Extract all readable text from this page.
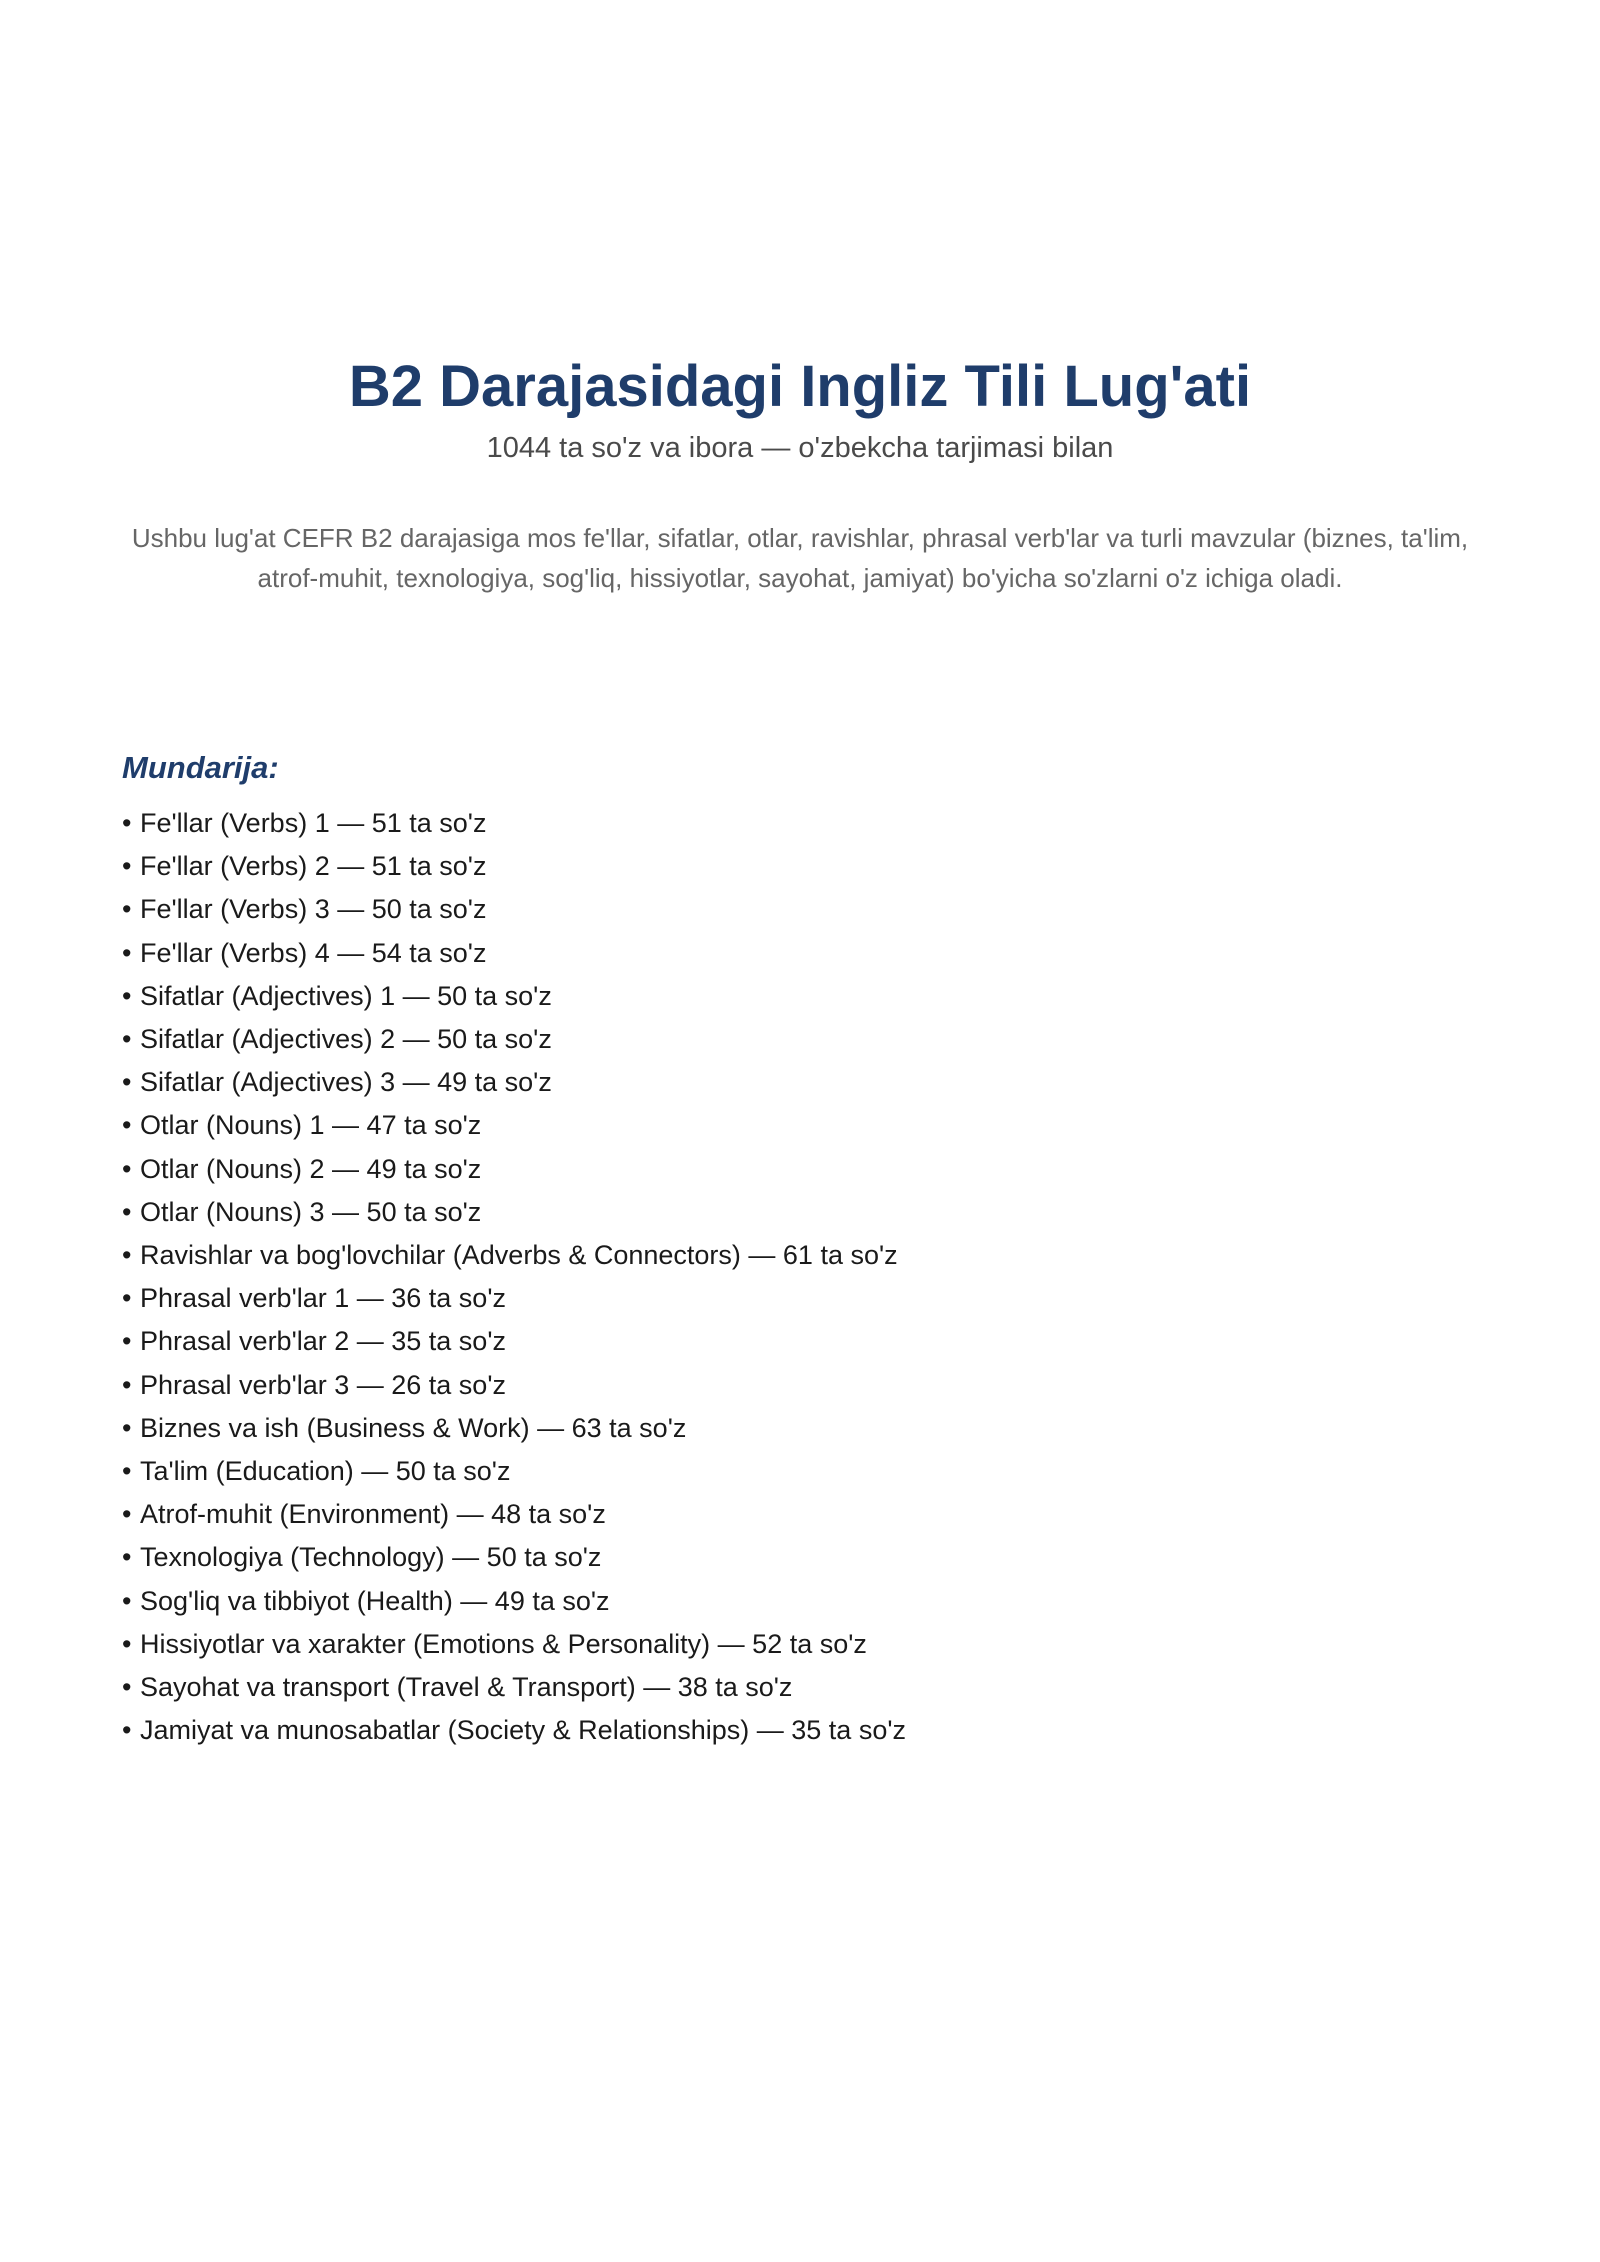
B2 Darajasidagi Ingliz Tili Lug'ati

1044 ta so'z va ibora — o'zbekcha tarjimasi bilan

Ushbu lug'at CEFR B2 darajasiga mos fe'llar, sifatlar, otlar, ravishlar, phrasal verb'lar va turli mavzular (biznes, ta'lim, atrof-muhit, texnologiya, sog'liq, hissiyotlar, sayohat, jamiyat) bo'yicha so'zlarni o'z ichiga oladi.

Mundarija:
• Fe'llar (Verbs) 1 — 51 ta so'z
• Fe'llar (Verbs) 2 — 51 ta so'z
• Fe'llar (Verbs) 3 — 50 ta so'z
• Fe'llar (Verbs) 4 — 54 ta so'z
• Sifatlar (Adjectives) 1 — 50 ta so'z
• Sifatlar (Adjectives) 2 — 50 ta so'z
• Sifatlar (Adjectives) 3 — 49 ta so'z
• Otlar (Nouns) 1 — 47 ta so'z
• Otlar (Nouns) 2 — 49 ta so'z
• Otlar (Nouns) 3 — 50 ta so'z
• Ravishlar va bog'lovchilar (Adverbs & Connectors) — 61 ta so'z
• Phrasal verb'lar 1 — 36 ta so'z
• Phrasal verb'lar 2 — 35 ta so'z
• Phrasal verb'lar 3 — 26 ta so'z
• Biznes va ish (Business & Work) — 63 ta so'z
• Ta'lim (Education) — 50 ta so'z
• Atrof-muhit (Environment) — 48 ta so'z
• Texnologiya (Technology) — 50 ta so'z
• Sog'liq va tibbiyot (Health) — 49 ta so'z
• Hissiyotlar va xarakter (Emotions & Personality) — 52 ta so'z
• Sayohat va transport (Travel & Transport) — 38 ta so'z
• Jamiyat va munosabatlar (Society & Relationships) — 35 ta so'z
